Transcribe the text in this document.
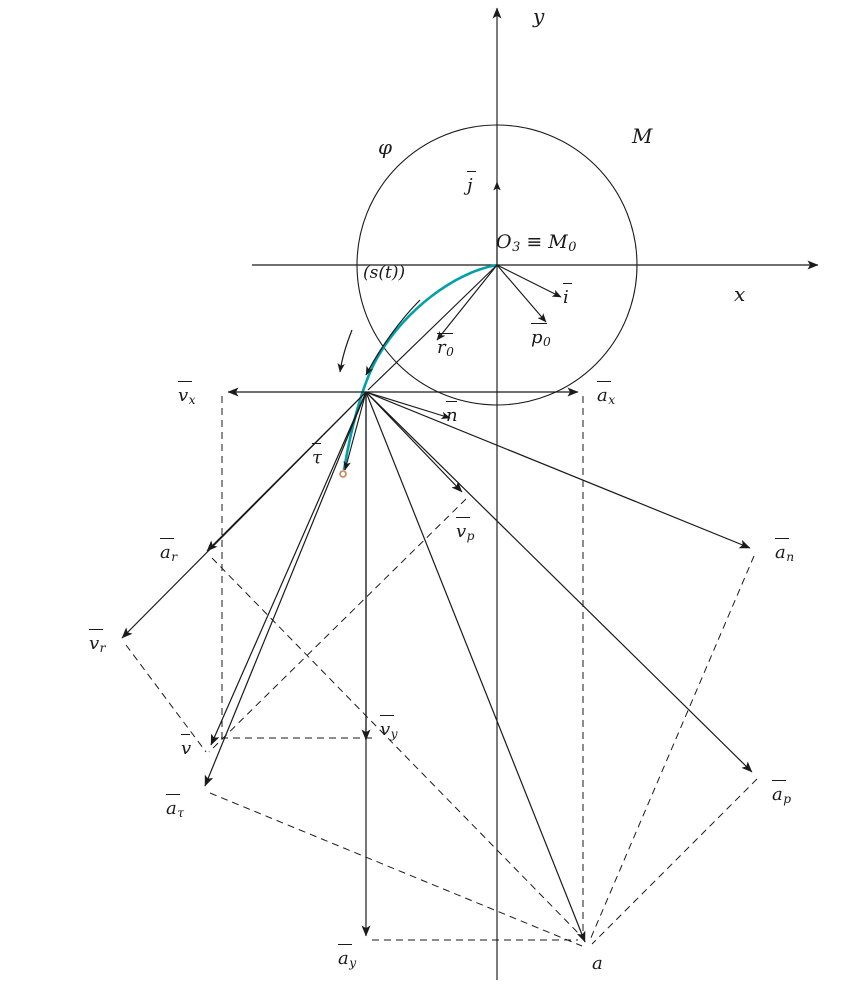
x
y
M
φ
(s(t))
$O_3 \equiv M_0$
i
j
$p_0$
$r_0$
τ
n
$v_x$
$v_y$
$v_r$
$v_p$
v
$a_x$
$a_y$
$a_r$	$a_n$
$a_p$
$a_\tau$
a
